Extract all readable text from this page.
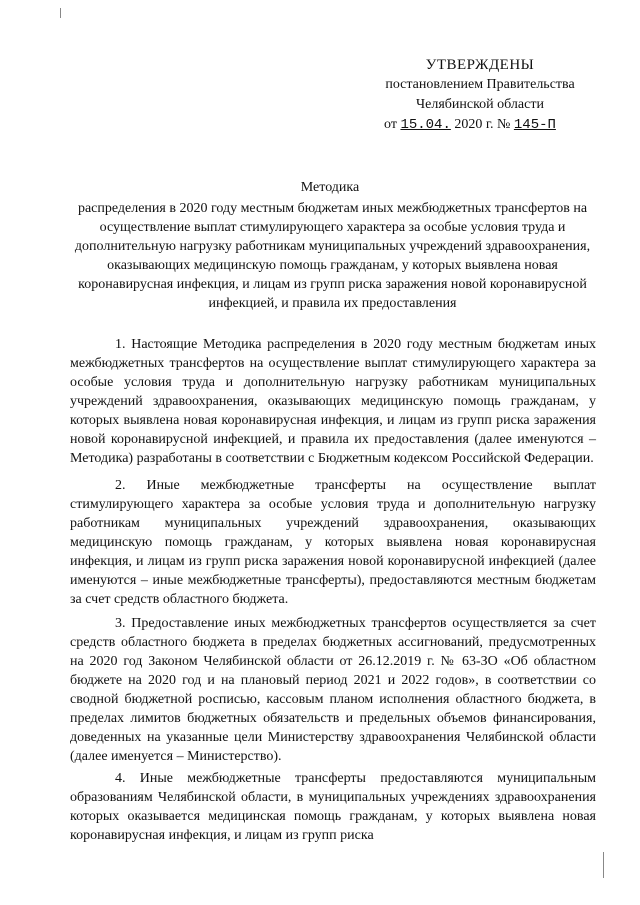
УТВЕРЖДЕНЫ
постановлением Правительства
Челябинской области
от 15.04. 2020 г. № 145-П
Методика
распределения в 2020 году местным бюджетам иных межбюджетных трансфертов на осуществление выплат стимулирующего характера за особые условия труда и дополнительную нагрузку работникам муниципальных учреждений здравоохранения, оказывающих медицинскую помощь гражданам, у которых выявлена новая коронавирусная инфекция, и лицам из групп риска заражения новой коронавирусной инфекцией, и правила их предоставления
1. Настоящие Методика распределения в 2020 году местным бюджетам иных межбюджетных трансфертов на осуществление выплат стимулирующего характера за особые условия труда и дополнительную нагрузку работникам муниципальных учреждений здравоохранения, оказывающих медицинскую помощь гражданам, у которых выявлена новая коронавирусная инфекция, и лицам из групп риска заражения новой коронавирусной инфекцией, и правила их предоставления (далее именуются – Методика) разработаны в соответствии с Бюджетным кодексом Российской Федерации.
2. Иные межбюджетные трансферты на осуществление выплат стимулирующего характера за особые условия труда и дополнительную нагрузку работникам муниципальных учреждений здравоохранения, оказывающих медицинскую помощь гражданам, у которых выявлена новая коронавирусная инфекция, и лицам из групп риска заражения новой коронавирусной инфекцией (далее именуются – иные межбюджетные трансферты), предоставляются местным бюджетам за счет средств областного бюджета.
3. Предоставление иных межбюджетных трансфертов осуществляется за счет средств областного бюджета в пределах бюджетных ассигнований, предусмотренных на 2020 год Законом Челябинской области от 26.12.2019 г. № 63-ЗО «Об областном бюджете на 2020 год и на плановый период 2021 и 2022 годов», в соответствии со сводной бюджетной росписью, кассовым планом исполнения областного бюджета, в пределах лимитов бюджетных обязательств и предельных объемов финансирования, доведенных на указанные цели Министерству здравоохранения Челябинской области (далее именуется – Министерство).
4. Иные межбюджетные трансферты предоставляются муниципальным образованиям Челябинской области, в муниципальных учреждениях здравоохранения которых оказывается медицинская помощь гражданам, у которых выявлена новая коронавирусная инфекция, и лицам из групп риска
